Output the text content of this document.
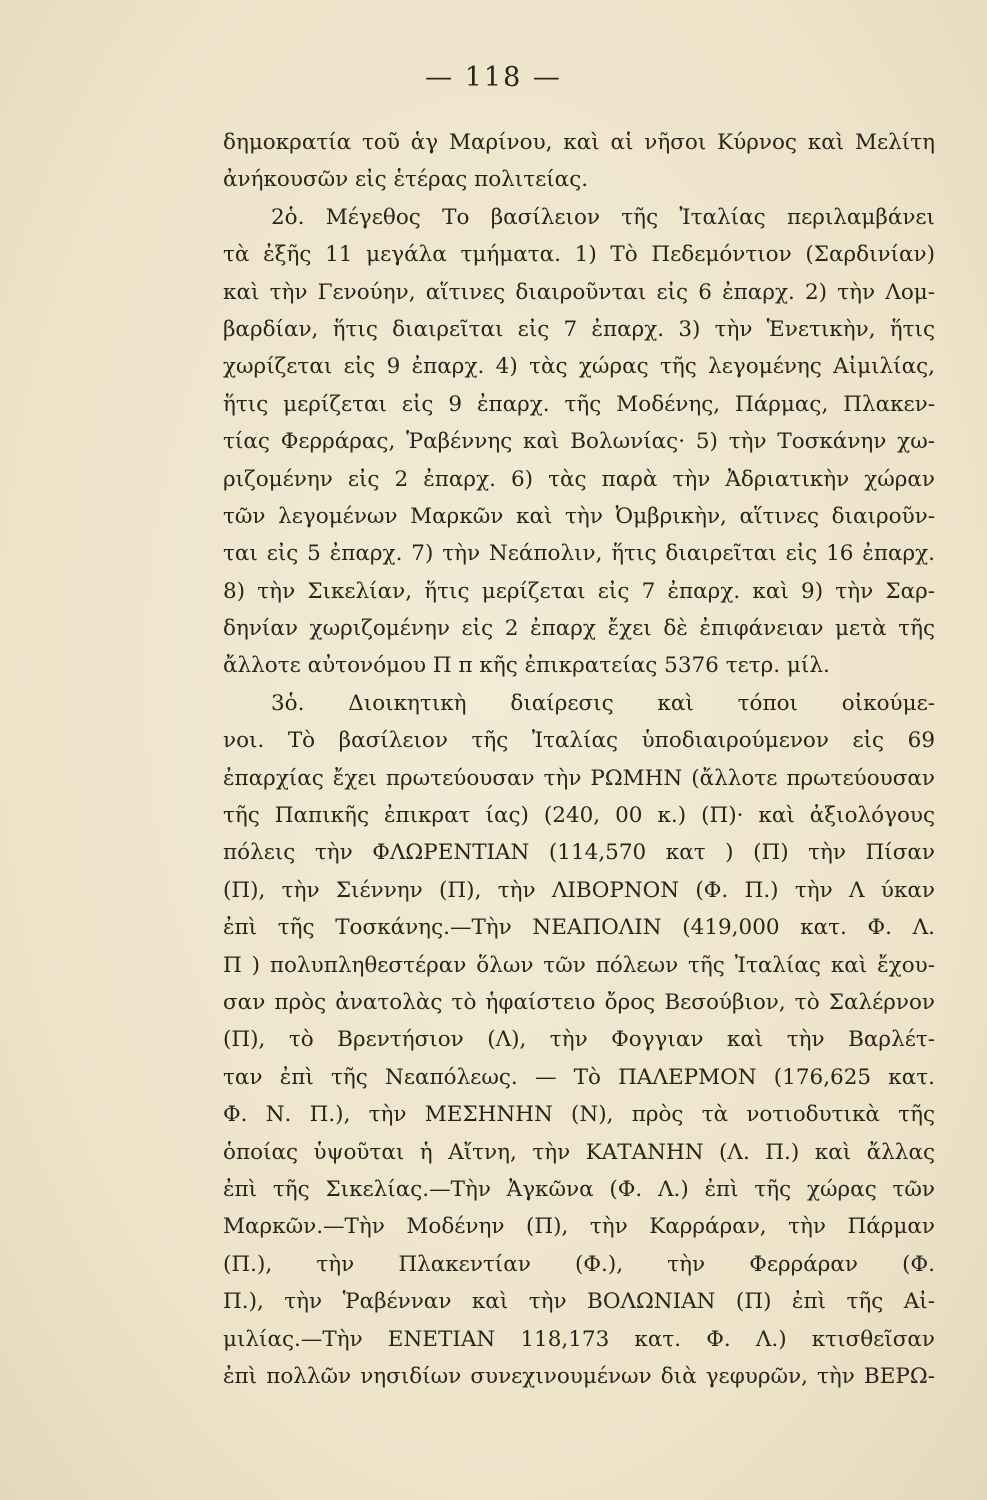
— 118 —
δημοκρατία τοῦ ἁγ Μαρίνου, καὶ αἱ νῆσοι Κύρνος καὶ Μελίτη
ἀνήκουσῶν εἰς ἑτέρας πολιτείας.
2ὁ. Μέγεθος Το βασίλειον τῆς Ἰταλίας περιλαμβάνει
τὰ ἐξῆς 11 μεγάλα τμήματα. 1) Τὸ Πεδεμόντιον (Σαρδινίαν)
καὶ τὴν Γενούην, αἵτινες διαιροῦνται εἰς 6 ἐπαρχ. 2) τὴν Λομ-
βαρδίαν, ἥτις διαιρεῖται εἰς 7 ἐπαρχ. 3) τὴν Ἑνετικὴν, ἥτις
χωρίζεται εἰς 9 ἐπαρχ. 4) τὰς χώρας τῆς λεγομένης Αἰμιλίας,
ἥτις μερίζεται εἰς 9 ἐπαρχ. τῆς Μοδένης, Πάρμας, Πλακεν-
τίας Φερράρας, Ῥαβέννης καὶ Βολωνίας· 5) τὴν Τοσκάνην χω-
ριζομένην εἰς 2 ἐπαρχ. 6) τὰς παρὰ τὴν Ἀδριατικὴν χώραν
τῶν λεγομένων Μαρκῶν καὶ τὴν Ὀμβρικὴν, αἵτινες διαιροῦν-
ται εἰς 5 ἐπαρχ. 7) τὴν Νεάπολιν, ἥτις διαιρεῖται εἰς 16 ἐπαρχ.
8) τὴν Σικελίαν, ἥτις μερίζεται εἰς 7 ἐπαρχ. καὶ 9) τὴν Σαρ-
δηνίαν χωριζομένην εἰς 2 ἐπαρχ ἔχει δὲ ἐπιφάνειαν μετὰ τῆς
ἄλλοτε αὐτονόμου Π π κῆς ἐπικρατείας 5376 τετρ. μίλ.
3ὁ. Διοικητικὴ διαίρεσις καὶ τόποι οἰκούμε-
νοι. Τὸ βασίλειον τῆς Ἰταλίας ὑποδιαιρούμενον εἰς 69
ἐπαρχίας ἔχει πρωτεύουσαν τὴν ΡΩΜΗΝ (ἄλλοτε πρωτεύουσαν
τῆς Παπικῆς ἐπικρατ ίας) (240, 00 κ.) (Π)· καὶ ἀξιολόγους
πόλεις τὴν ΦΛΩΡΕΝΤΙΑΝ (114,570 κατ ) (Π) τὴν Πίσαν
(Π), τὴν Σιέννην (Π), τὴν ΛΙΒΟΡΝΟΝ (Φ. Π.) τὴν Λ ύκαν
ἐπὶ τῆς Τοσκάνης.—Τὴν ΝΕΑΠΟΛΙΝ (419,000 κατ. Φ. Λ.
Π ) πολυπληθεστέραν ὅλων τῶν πόλεων τῆς Ἰταλίας καὶ ἔχου-
σαν πρὸς ἀνατολὰς τὸ ἡφαίστειο ὄρος Βεσούβιον, τὸ Σαλέρνον
(Π), τὸ Βρεντήσιον (Λ), τὴν Φογγιαν καὶ τὴν Βαρλέτ-
ταν ἐπὶ τῆς Νεαπόλεως. — Τὸ ΠΑΛΕΡΜΟΝ (176,625 κατ.
Φ. Ν. Π.), τὴν ΜΕΣΗΝΗΝ (Ν), πρὸς τὰ νοτιοδυτικὰ τῆς
ὁποίας ὑψοῦται ἡ Αἴτνη, τὴν ΚΑΤΑΝΗΝ (Λ. Π.) καὶ ἄλλας
ἐπὶ τῆς Σικελίας.—Τὴν Ἀγκῶνα (Φ. Λ.) ἐπὶ τῆς χώρας τῶν
Μαρκῶν.—Τὴν Μοδένην (Π), τὴν Καρράραν, τὴν Πάρμαν
(Π.), τὴν Πλακεντίαν (Φ.), τὴν Φερράραν (Φ.
Π.), τὴν Ῥαβένναν καὶ τὴν ΒΟΛΩΝΙΑΝ (Π) ἐπὶ τῆς Αἰ-
μιλίας.—Τὴν ΕΝΕΤΙΑΝ 118,173 κατ. Φ. Λ.) κτισθεῖσαν
ἐπὶ πολλῶν νησιδίων συνεχινουμένων διὰ γεφυρῶν, τὴν ΒΕΡΩ-
